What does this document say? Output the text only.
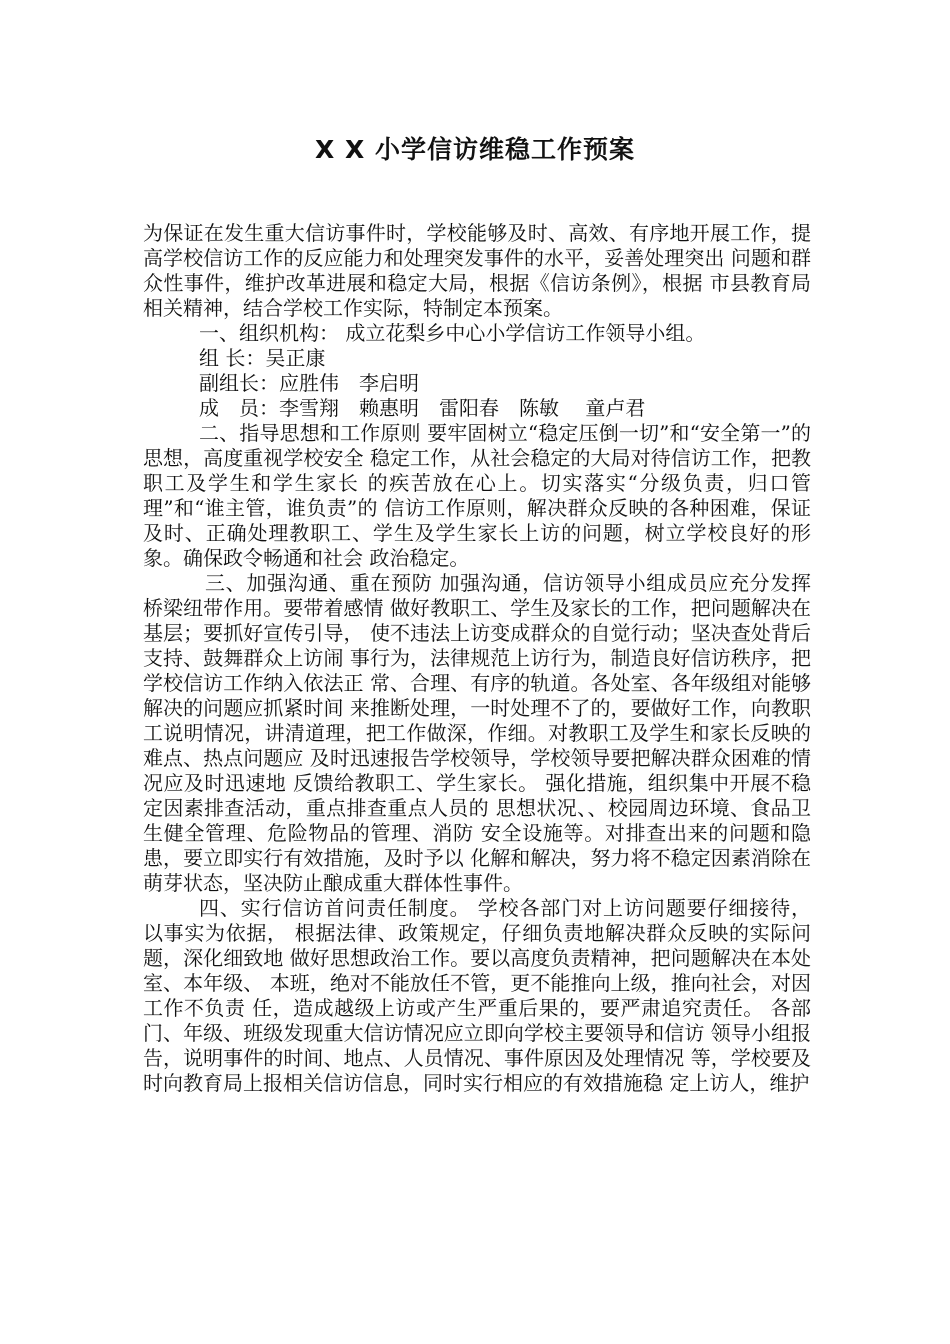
X X 小学信访维稳工作预案

为保证在发生重大信访事件时，学校能够及时、高效、有序地开展工作，提高学校信访工作的反应能力和处理突发事件的水平，妥善处理突出 问题和群众性事件，维护改革进展和稳定大局，根据《信访条例》，根据 市县教育局相关精神，结合学校工作实际，特制定本预案。

一、组织机构： 成立花梨乡中心小学信访工作领导小组。

组 长：吴正康

副组长：应胜伟　李启明

成　员：李雪翔　赖惠明　雷阳春　陈敏　 童卢君

二、指导思想和工作原则 要牢固树立“稳定压倒一切”和“安全第一”的思想，高度重视学校安全 稳定工作，从社会稳定的大局对待信访工作，把教职工及学生和学生家长 的疾苦放在心上。切实落实“分级负责，归口管理”和“谁主管，谁负责”的 信访工作原则，解决群众反映的各种困难，保证及时、正确处理教职工、学生及学生家长上访的问题，树立学校良好的形象。确保政令畅通和社会 政治稳定。

三、加强沟通、重在预防 加强沟通，信访领导小组成员应充分发挥桥梁纽带作用。要带着感情 做好教职工、学生及家长的工作，把问题解决在基层；要抓好宣传引导， 使不违法上访变成群众的自觉行动；坚决查处背后支持、鼓舞群众上访闹 事行为，法律规范上访行为，制造良好信访秩序，把学校信访工作纳入依法正 常、合理、有序的轨道。各处室、各年级组对能够解决的问题应抓紧时间 来推断处理，一时处理不了的，要做好工作，向教职工说明情况，讲清道理，把工作做深，作细。对教职工及学生和家长反映的难点、热点问题应 及时迅速报告学校领导，学校领导要把解决群众困难的情况应及时迅速地 反馈给教职工、学生家长。 强化措施，组织集中开展不稳定因素排查活动，重点排查重点人员的 思想状况、、校园周边环境、食品卫生健全管理、危险物品的管理、消防 安全设施等。对排查出来的问题和隐患，要立即实行有效措施，及时予以 化解和解决，努力将不稳定因素消除在萌芽状态，坚决防止酿成重大群体性事件。

四、实行信访首问责任制度。 学校各部门对上访问题要仔细接待， 以事实为依据， 根据法律、政策规定，仔细负责地解决群众反映的实际问题，深化细致地 做好思想政治工作。要以高度负责精神，把问题解决在本处室、本年级、 本班，绝对不能放任不管，更不能推向上级，推向社会，对因工作不负责 任，造成越级上访或产生严重后果的，要严肃追究责任。 各部门、年级、班级发现重大信访情况应立即向学校主要领导和信访 领导小组报告，说明事件的时间、地点、人员情况、事件原因及处理情况 等，学校要及时向教育局上报相关信访信息，同时实行相应的有效措施稳 定上访人，维护
